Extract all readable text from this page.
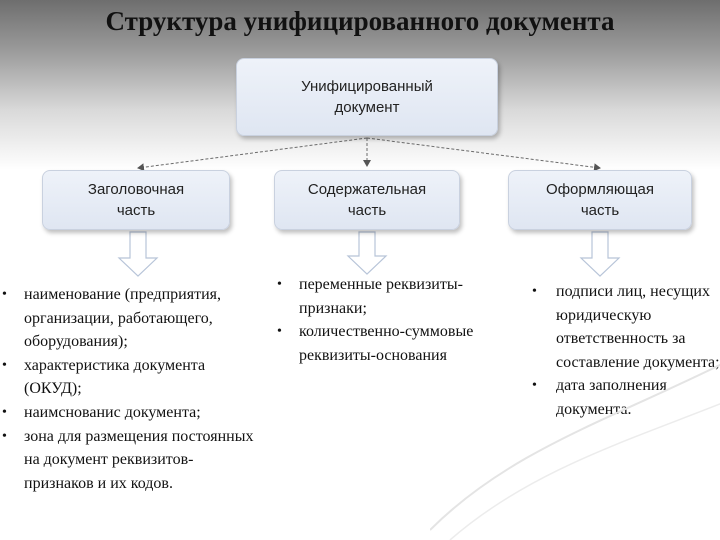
Структура унифицированного документа
Унифицированный
документ
Заголовочная
часть
Содержательная
часть
Оформляющая
часть
• наименование (предприятия, организации, работающего, оборудования);
• характеристика документа (ОКУД);
• наимснованис документа;
• зона для размещения постоянных на документ реквизитов-признаков и их кодов.
• переменные реквизиты-признаки;
• количественно-суммовые реквизиты-основания
• подписи лиц, несущих юридическую ответственность за составление документа;
• дата заполнения документа.
